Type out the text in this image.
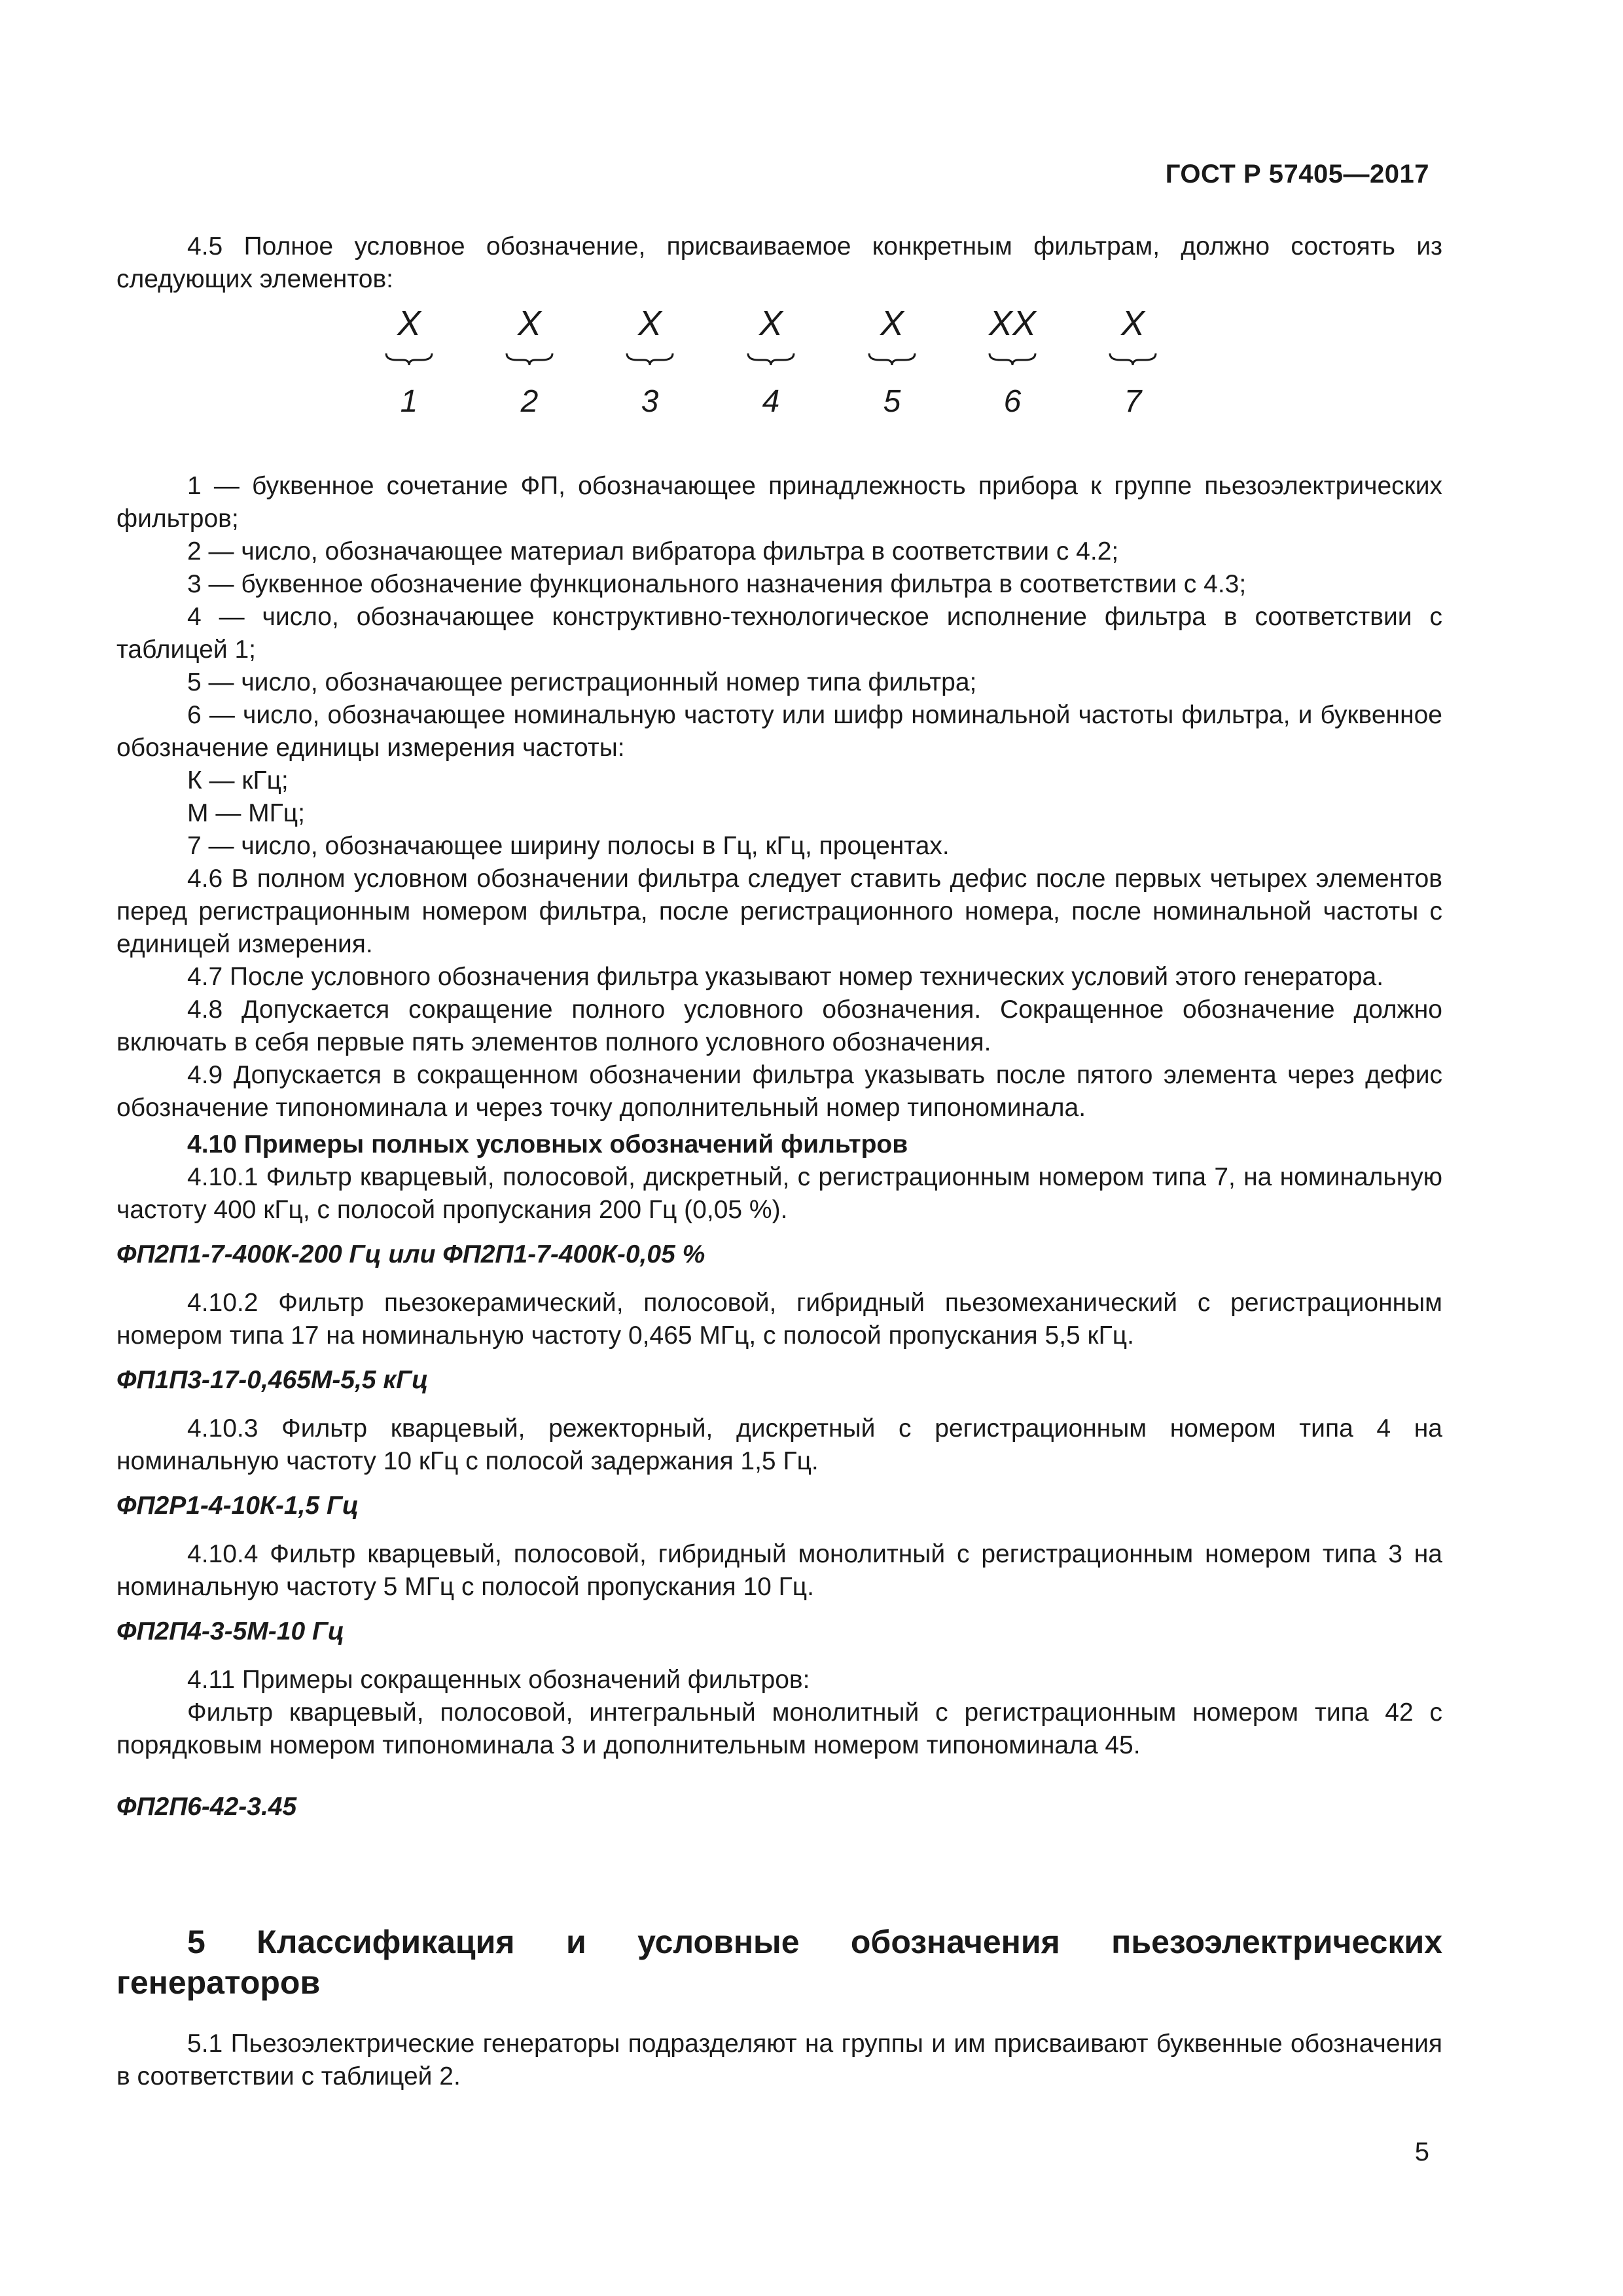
ГОСТ Р 57405—2017

4.5 Полное условное обозначение, присваиваемое конкретным фильтрам, должно состоять из следующих элементов:

X
1
X
2
X
3
X
4
X
5
XX
6
X
7

1 — буквенное сочетание ФП, обозначающее принадлежность прибора к группе пьезоэлектрических фильтров;

2 — число, обозначающее материал вибратора фильтра в соответствии с 4.2;

3 — буквенное обозначение функционального назначения фильтра в соответствии с 4.3;

4 — число, обозначающее конструктивно-технологическое исполнение фильтра в соответствии с таблицей 1;

5 — число, обозначающее регистрационный номер типа фильтра;

6 — число, обозначающее номинальную частоту или шифр номинальной частоты фильтра, и буквенное обозначение единицы измерения частоты:

К — кГц;

М — МГц;

7 — число, обозначающее ширину полосы в Гц, кГц, процентах.

4.6 В полном условном обозначении фильтра следует ставить дефис после первых четырех элементов перед регистрационным номером фильтра, после регистрационного номера, после номинальной частоты с единицей измерения.

4.7 После условного обозначения фильтра указывают номер технических условий этого генератора.

4.8 Допускается сокращение полного условного обозначения. Сокращенное обозначение должно включать в себя первые пять элементов полного условного обозначения.

4.9 Допускается в сокращенном обозначении фильтра указывать после пятого элемента через дефис обозначение типономинала и через точку дополнительный номер типономинала.

4.10 Примеры полных условных обозначений фильтров

4.10.1 Фильтр кварцевый, полосовой, дискретный, с регистрационным номером типа 7, на номинальную частоту 400 кГц, с полосой пропускания 200 Гц (0,05 %).

ФП2П1-7-400К-200 Гц или ФП2П1-7-400К-0,05 %

4.10.2 Фильтр пьезокерамический, полосовой, гибридный пьезомеханический с регистрационным номером типа 17 на номинальную частоту 0,465 МГц, с полосой пропускания 5,5 кГц.

ФП1П3-17-0,465М-5,5 кГц

4.10.3 Фильтр кварцевый, режекторный, дискретный с регистрационным номером типа 4 на номинальную частоту 10 кГц с полосой задержания 1,5 Гц.

ФП2Р1-4-10К-1,5 Гц

4.10.4 Фильтр кварцевый, полосовой, гибридный монолитный с регистрационным номером типа 3 на номинальную частоту 5 МГц с полосой пропускания 10 Гц.

ФП2П4-3-5М-10 Гц

4.11 Примеры сокращенных обозначений фильтров:

Фильтр кварцевый, полосовой, интегральный монолитный с регистрационным номером типа 42 с порядковым номером типономинала 3 и дополнительным номером типономинала 45.

ФП2П6-42-3.45

5 Классификация и условные обозначения пьезоэлектрических генераторов

5.1 Пьезоэлектрические генераторы подразделяют на группы и им присваивают буквенные обозначения в соответствии с таблицей 2.

5
